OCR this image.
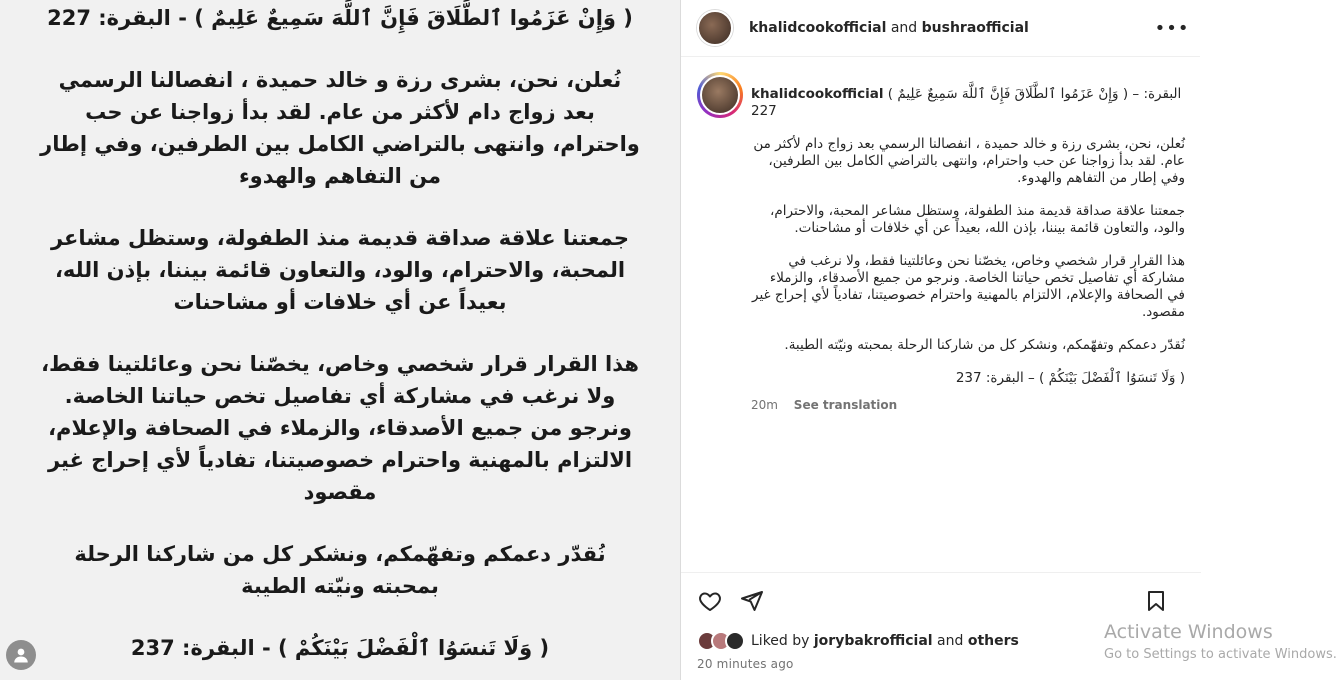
( وَإِنْ عَزَمُوا ٱلطَّلَاقَ فَإِنَّ ٱللَّهَ سَمِيعٌ عَلِيمٌ ) - البقرة: 227

نُعلن، نحن، بشرى رزة و خالد حميدة ، انفصالنا الرسمي بعد زواج دام لأكثر من عام. لقد بدأ زواجنا عن حب واحترام، وانتهى بالتراضي الكامل بين الطرفين، وفي إطار من التفاهم والهدوء

جمعتنا علاقة صداقة قديمة منذ الطفولة، وستظل مشاعر المحبة، والاحترام، والود، والتعاون قائمة بيننا، بإذن الله، بعيداً عن أي خلافات أو مشاحنات

هذا القرار قرار شخصي وخاص، يخصّنا نحن وعائلتينا فقط، ولا نرغب في مشاركة أي تفاصيل تخص حياتنا الخاصة. ونرجو من جميع الأصدقاء، والزملاء في الصحافة والإعلام، الالتزام بالمهنية واحترام خصوصيتنا، تفادياً لأي إحراج غير مقصود

نُقدّر دعمكم وتفهّمكم، ونشكر كل من شاركنا الرحلة بمحبته ونيّته الطيبة

( وَلَا تَنسَوُا ٱلْفَضْلَ بَيْنَكُمْ ) - البقرة: 237

khalidcookofficial and bushraofficial	•••
khalidcookofficial ( وَإِنْ عَزَمُوا ٱلطَّلَاقَ فَإِنَّ ٱللَّهَ سَمِيعٌ عَلِيمٌ ) – البقرة: 227

نُعلن، نحن، بشرى رزة و خالد حميدة ، انفصالنا الرسمي بعد زواج دام لأكثر من عام. لقد بدأ زواجنا عن حب واحترام، وانتهى بالتراضي الكامل بين الطرفين، وفي إطار من التفاهم والهدوء.

جمعتنا علاقة صداقة قديمة منذ الطفولة، وستظل مشاعر المحبة، والاحترام، والود، والتعاون قائمة بيننا، بإذن الله، بعيداً عن أي خلافات أو مشاحنات.

هذا القرار قرار شخصي وخاص، يخصّنا نحن وعائلتينا فقط، ولا نرغب في مشاركة أي تفاصيل تخص حياتنا الخاصة. ونرجو من جميع الأصدقاء، والزملاء في الصحافة والإعلام، الالتزام بالمهنية واحترام خصوصيتنا، تفادياً لأي إحراج غير مقصود.

نُقدّر دعمكم وتفهّمكم، ونشكر كل من شاركنا الرحلة بمحبته ونيّته الطيبة.

( وَلَا تَنسَوُا ٱلْفَضْلَ بَيْنَكُمْ ) – البقرة: 237

20m See translation
Liked by
jorybakrofficial
and
others
20 minutes ago
Activate Windows
Go to Settings to activate Windows.
